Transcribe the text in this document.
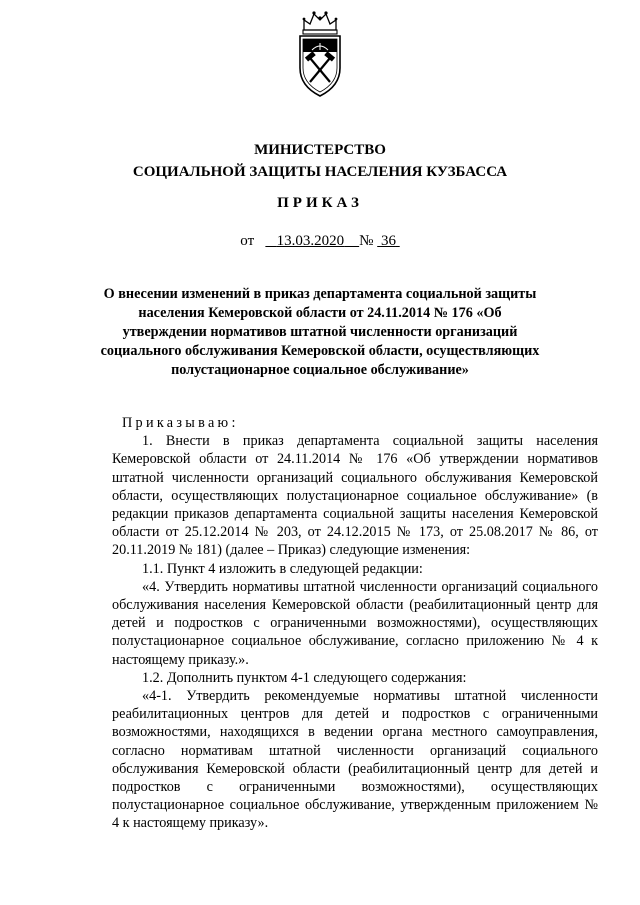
МИНИСТЕРСТВО
СОЦИАЛЬНОЙ ЗАЩИТЫ НАСЕЛЕНИЯ КУЗБАССА
ПРИКАЗ
от 13.03.2020 № 36
О внесении изменений в приказ департамента социальной защиты населения Кемеровской области от 24.11.2014 № 176 «Об утверждении нормативов штатной численности организаций социального обслуживания Кемеровской области, осуществляющих полустационарное социальное обслуживание»

Приказываю:

1. Внести в приказ департамента социальной защиты населения Кемеровской области от 24.11.2014 № 176 «Об утверждении нормативов штатной численности организаций социального обслуживания Кемеровской области, осуществляющих полустационарное социальное обслуживание» (в редакции приказов департамента социальной защиты населения Кемеровской области от 25.12.2014 № 203, от 24.12.2015 № 173, от 25.08.2017 № 86, от 20.11.2019 № 181) (далее – Приказ) следующие изменения:

1.1. Пункт 4 изложить в следующей редакции:

«4. Утвердить нормативы штатной численности организаций социального обслуживания населения Кемеровской области (реабилитационный центр для детей и подростков с ограниченными возможностями), осуществляющих полустационарное социальное обслуживание, согласно приложению № 4 к настоящему приказу.».

1.2. Дополнить пунктом 4-1 следующего содержания:

«4-1. Утвердить рекомендуемые нормативы штатной численности реабилитационных центров для детей и подростков с ограниченными возможностями, находящихся в ведении органа местного самоуправления, согласно нормативам штатной численности организаций социального обслуживания Кемеровской области (реабилитационный центр для детей и подростков с ограниченными возможностями), осуществляющих полустационарное социальное обслуживание, утвержденным приложением № 4 к настоящему приказу».
